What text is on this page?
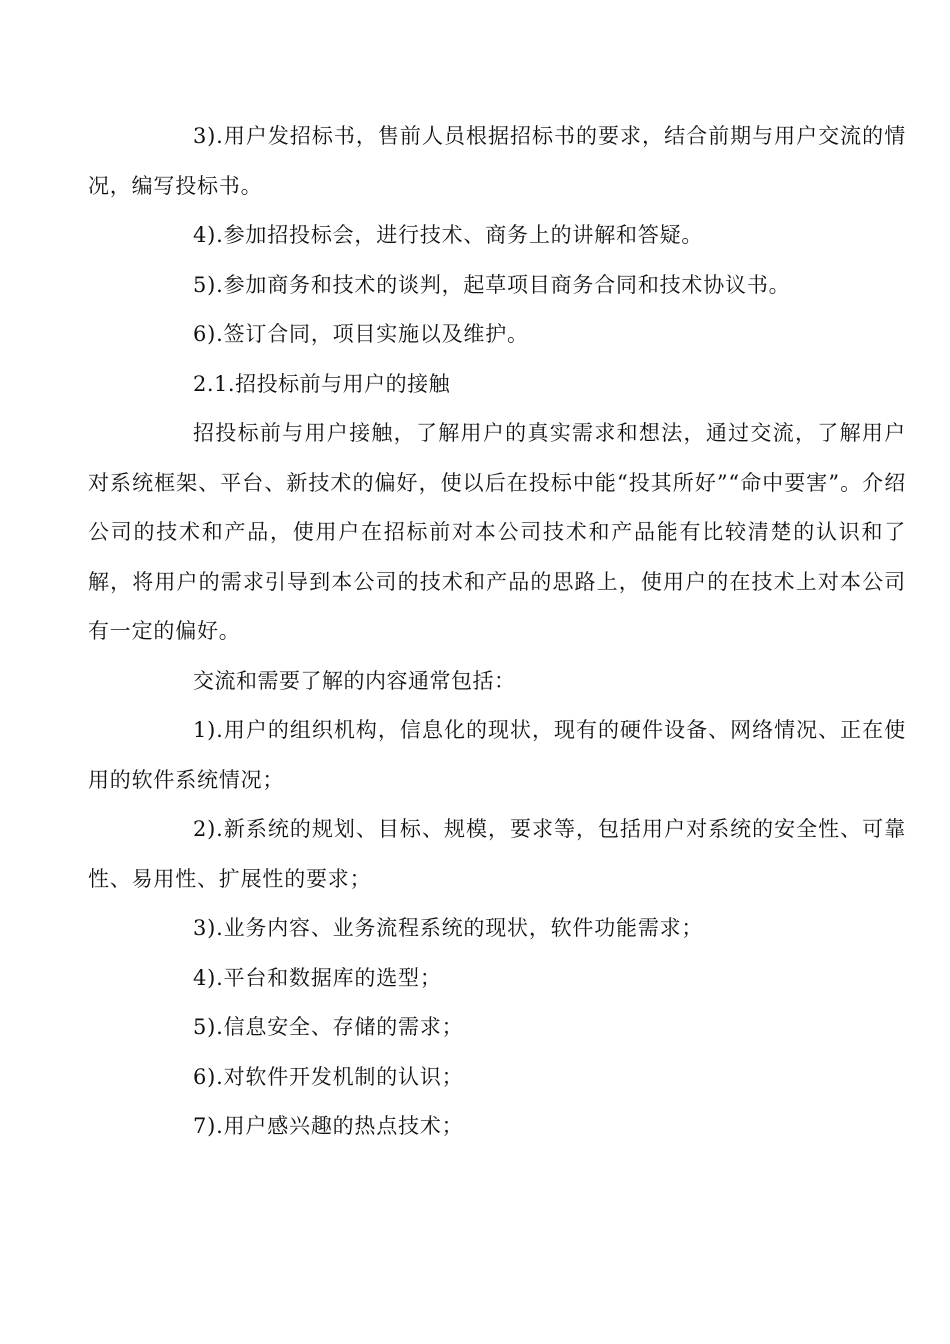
3).用户发招标书，售前人员根据招标书的要求，结合前期与用户交流的情况，编写投标书。

4).参加招投标会，进行技术、商务上的讲解和答疑。

5).参加商务和技术的谈判，起草项目商务合同和技术协议书。

6).签订合同，项目实施以及维护。

2.1.招投标前与用户的接触

招投标前与用户接触，了解用户的真实需求和想法，通过交流，了解用户对系统框架、平台、新技术的偏好，使以后在投标中能“投其所好”“命中要害”。介绍公司的技术和产品，使用户在招标前对本公司技术和产品能有比较清楚的认识和了解，将用户的需求引导到本公司的技术和产品的思路上，使用户的在技术上对本公司有一定的偏好。

交流和需要了解的内容通常包括：

1).用户的组织机构，信息化的现状，现有的硬件设备、网络情况、正在使用的软件系统情况；

2).新系统的规划、目标、规模，要求等，包括用户对系统的安全性、可靠性、易用性、扩展性的要求；

3).业务内容、业务流程系统的现状，软件功能需求；

4).平台和数据库的选型；

5).信息安全、存储的需求；

6).对软件开发机制的认识；

7).用户感兴趣的热点技术；
